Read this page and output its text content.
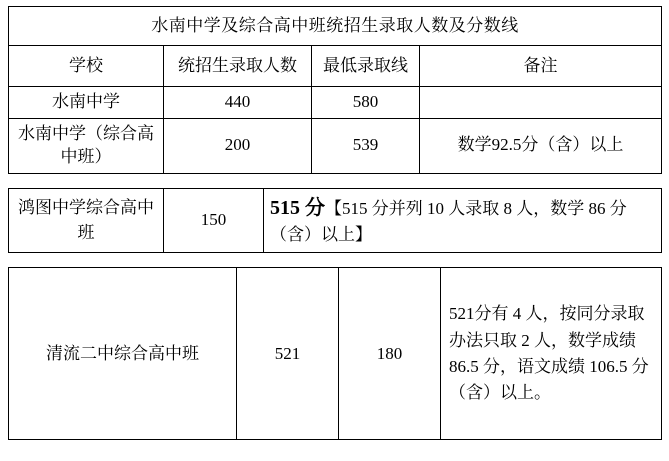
水南中学及综合高中班统招生录取人数及分数线			
学校	统招生录取人数	最低录取线	备注
水南中学	440	580	
水南中学（综合高中班）	200	539	数学92.5分（含）以上
鸿图中学综合高中班	150	515 分【515 分并列 10 人录取 8 人，数学 86 分（含）以上】
清流二中综合高中班	521	180	521分有 4 人，按同分录取办法只取 2 人，数学成绩 86.5 分，语文成绩 106.5 分（含）以上。
